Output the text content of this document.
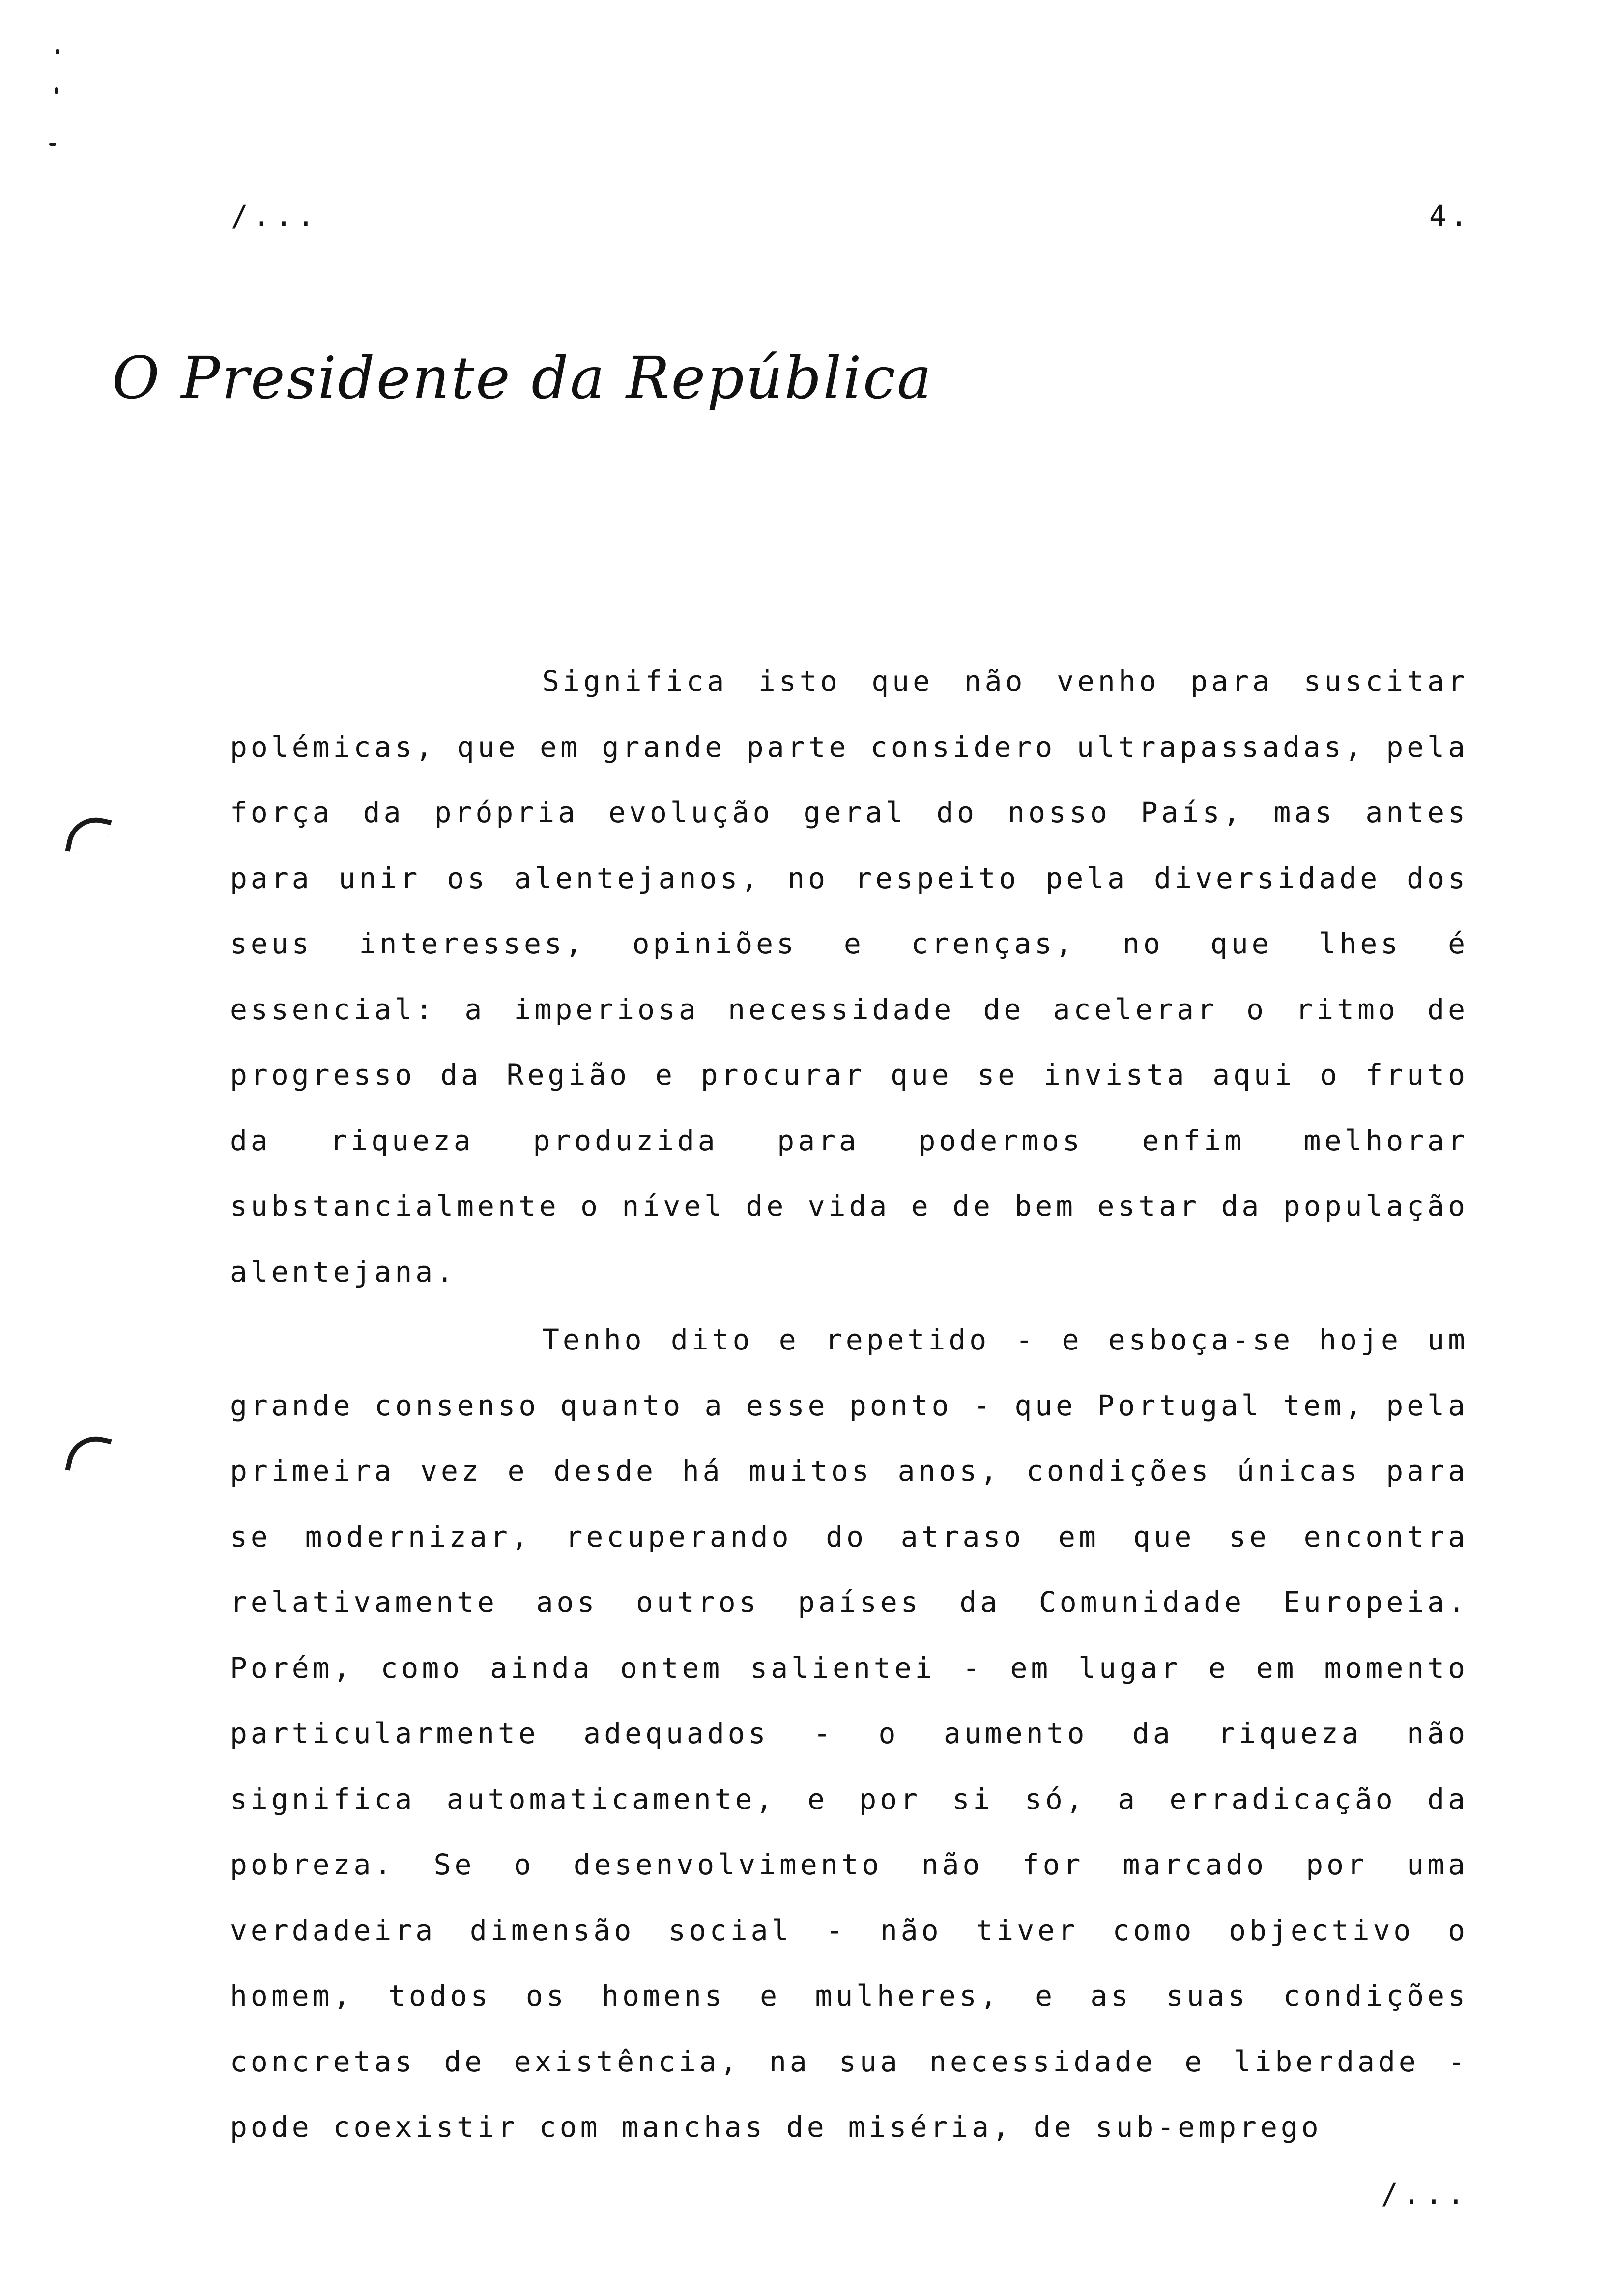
/...	4.
O Presidente da República

Significa isto que não venho para suscitar polémicas, que em grande parte considero ultrapassadas, pela força da própria evolução geral do nosso País, mas antes para unir os alentejanos, no respeito pela diversidade dos seus interesses, opiniões e crenças, no que lhes é essencial: a imperiosa necessidade de acelerar o ritmo de progresso da Região e procurar que se invista aqui o fruto da riqueza produzida para podermos enfim melhorar substancialmente o nível de vida e de bem estar da população alentejana.

Tenho dito e repetido - e esboça-se hoje um grande consenso quanto a esse ponto - que Portugal tem, pela primeira vez e desde há muitos anos, condições únicas para se modernizar, recuperando do atraso em que se encontra relativamente aos outros países da Comunidade Europeia. Porém, como ainda ontem salientei - em lugar e em momento particularmente adequados - o aumento da riqueza não significa automaticamente, e por si só, a erradicação da pobreza. Se o desenvolvimento não for marcado por uma verdadeira dimensão social - não tiver como objectivo o homem, todos os homens e mulheres, e as suas condições concretas de existência, na sua necessidade e liberdade - pode coexistir com manchas de miséria, de sub-emprego

/...
